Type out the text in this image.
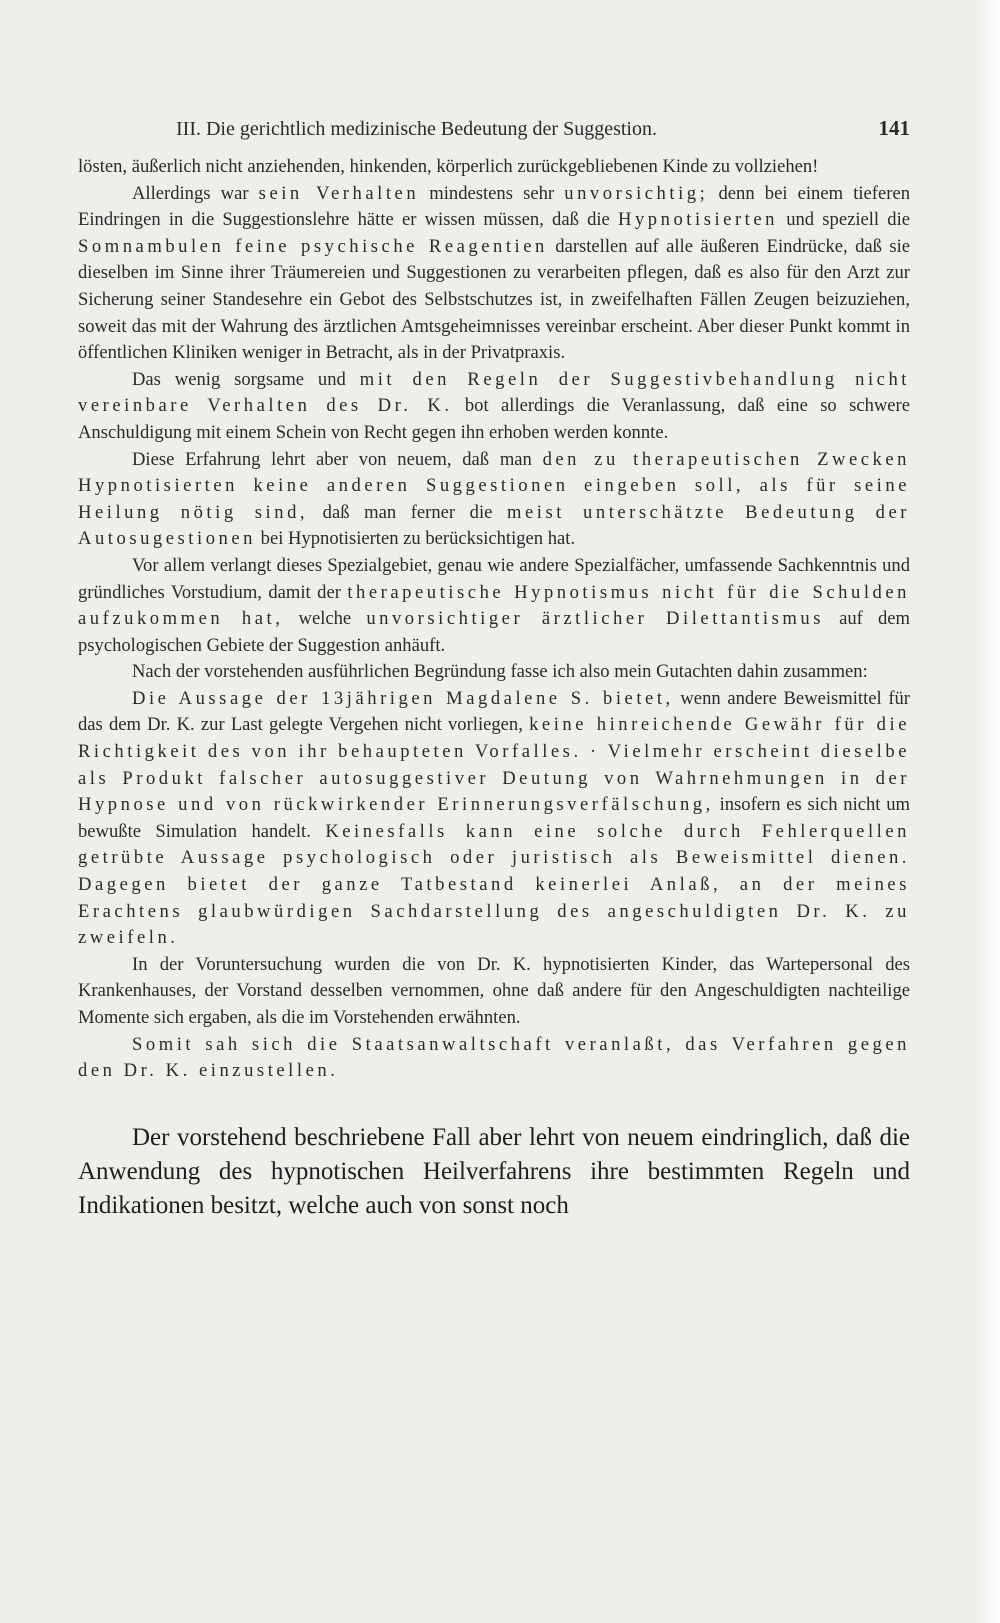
III. Die gerichtlich medizinische Bedeutung der Suggestion.	141

lösten, äußerlich nicht anziehenden, hinkenden, körperlich zurückgebliebenen Kinde zu vollziehen!

Allerdings war sein Verhalten mindestens sehr unvorsichtig; denn bei einem tieferen Eindringen in die Suggestionslehre hätte er wissen müssen, daß die Hypnotisierten und speziell die Somnambulen feine psychische Reagentien darstellen auf alle äußeren Eindrücke, daß sie dieselben im Sinne ihrer Träumereien und Suggestionen zu verarbeiten pflegen, daß es also für den Arzt zur Sicherung seiner Standesehre ein Gebot des Selbstschutzes ist, in zweifelhaften Fällen Zeugen beizuziehen, soweit das mit der Wahrung des ärztlichen Amtsgeheimnisses vereinbar erscheint. Aber dieser Punkt kommt in öffentlichen Kliniken weniger in Betracht, als in der Privatpraxis.

Das wenig sorgsame und mit den Regeln der Suggestivbehandlung nicht vereinbare Verhalten des Dr. K. bot allerdings die Veranlassung, daß eine so schwere Anschuldigung mit einem Schein von Recht gegen ihn erhoben werden konnte.

Diese Erfahrung lehrt aber von neuem, daß man den zu therapeutischen Zwecken Hypnotisierten keine anderen Suggestionen eingeben soll, als für seine Heilung nötig sind, daß man ferner die meist unterschätzte Bedeutung der Autosugestionen bei Hypnotisierten zu berücksichtigen hat.

Vor allem verlangt dieses Spezialgebiet, genau wie andere Spezialfächer, umfassende Sachkenntnis und gründliches Vorstudium, damit der therapeutische Hypnotismus nicht für die Schulden aufzukommen hat, welche unvorsichtiger ärztlicher Dilettantismus auf dem psychologischen Gebiete der Suggestion anhäuft.

Nach der vorstehenden ausführlichen Begründung fasse ich also mein Gutachten dahin zusammen:

Die Aussage der 13jährigen Magdalene S. bietet, wenn andere Beweismittel für das dem Dr. K. zur Last gelegte Vergehen nicht vorliegen, keine hinreichende Gewähr für die Richtigkeit des von ihr behaupteten Vorfalles. · Vielmehr erscheint dieselbe als Produkt falscher autosuggestiver Deutung von Wahrnehmungen in der Hypnose und von rückwirkender Erinnerungsverfälschung, insofern es sich nicht um bewußte Simulation handelt. Keinesfalls kann eine solche durch Fehlerquellen getrübte Aussage psychologisch oder juristisch als Beweismittel dienen. Dagegen bietet der ganze Tatbestand keinerlei Anlaß, an der meines Erachtens glaubwürdigen Sachdarstellung des angeschuldigten Dr. K. zu zweifeln.

In der Voruntersuchung wurden die von Dr. K. hypnotisierten Kinder, das Wartepersonal des Krankenhauses, der Vorstand desselben vernommen, ohne daß andere für den Angeschuldigten nachteilige Momente sich ergaben, als die im Vorstehenden erwähnten.

Somit sah sich die Staatsanwaltschaft veranlaßt, das Verfahren gegen den Dr. K. einzustellen.

Der vorstehend beschriebene Fall aber lehrt von neuem eindringlich, daß die Anwendung des hypnotischen Heilverfahrens ihre bestimmten Regeln und Indikationen besitzt, welche auch von sonst noch
